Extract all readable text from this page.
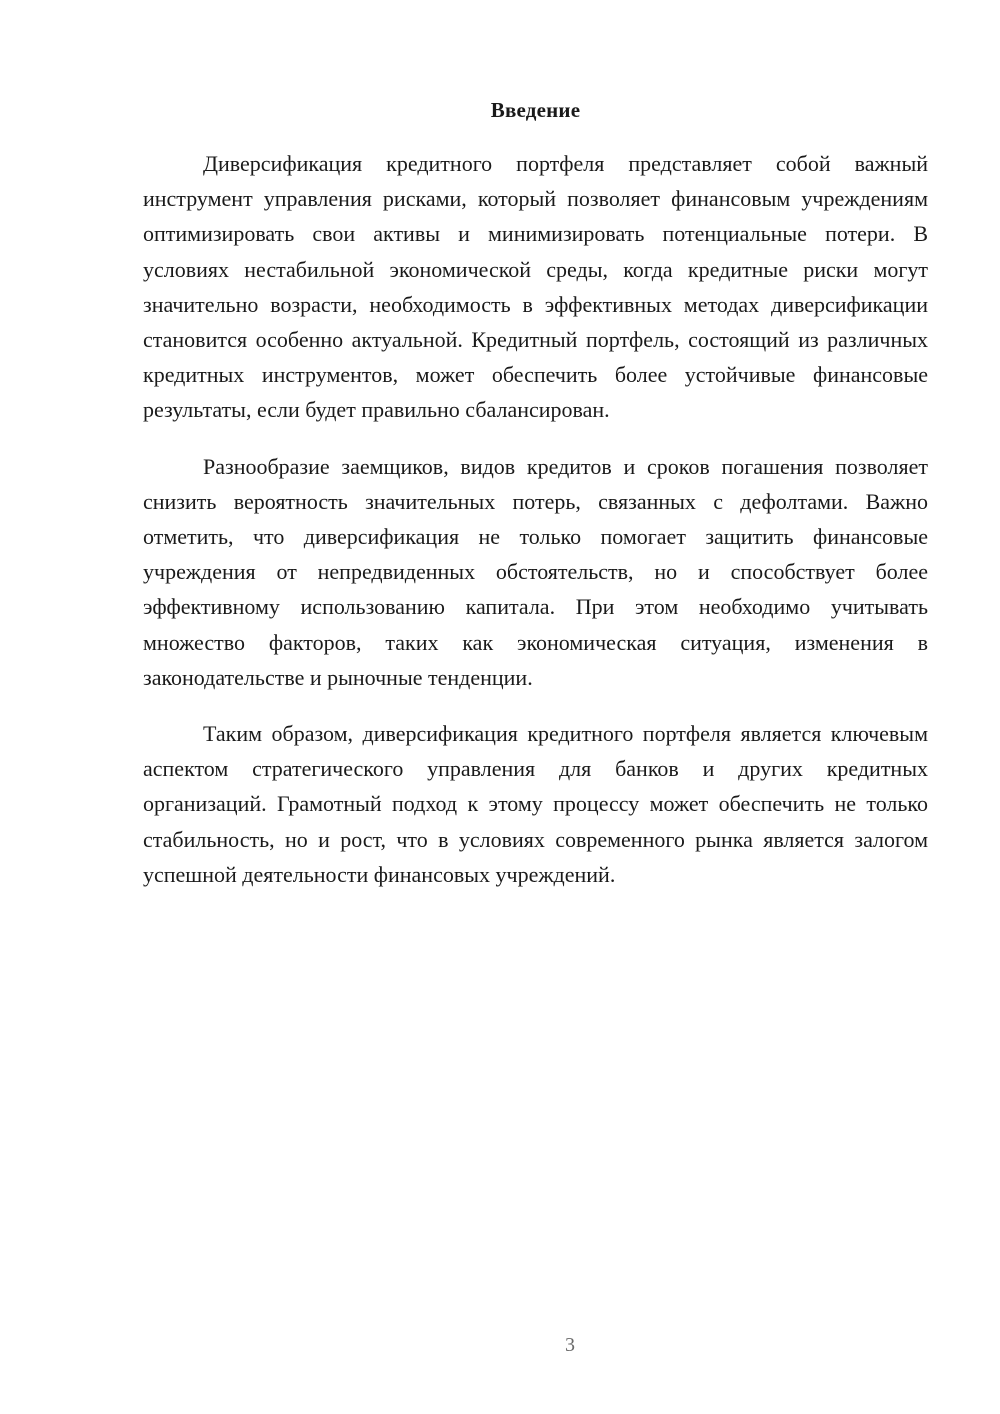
Введение

Диверсификация кредитного портфеля представляет собой важный инструмент управления рисками, который позволяет финансовым учреждениям оптимизировать свои активы и минимизировать потенциальные потери. В условиях нестабильной экономической среды, когда кредитные риски могут значительно возрасти, необходимость в эффективных методах диверсификации становится особенно актуальной. Кредитный портфель, состоящий из различных кредитных инструментов, может обеспечить более устойчивые финансовые результаты, если будет правильно сбалансирован.

Разнообразие заемщиков, видов кредитов и сроков погашения позволяет снизить вероятность значительных потерь, связанных с дефолтами. Важно отметить, что диверсификация не только помогает защитить финансовые учреждения от непредвиденных обстоятельств, но и способствует более эффективному использованию капитала. При этом необходимо учитывать множество факторов, таких как экономическая ситуация, изменения в законодательстве и рыночные тенденции.

Таким образом, диверсификация кредитного портфеля является ключевым аспектом стратегического управления для банков и других кредитных организаций. Грамотный подход к этому процессу может обеспечить не только стабильность, но и рост, что в условиях современного рынка является залогом успешной деятельности финансовых учреждений.

3
